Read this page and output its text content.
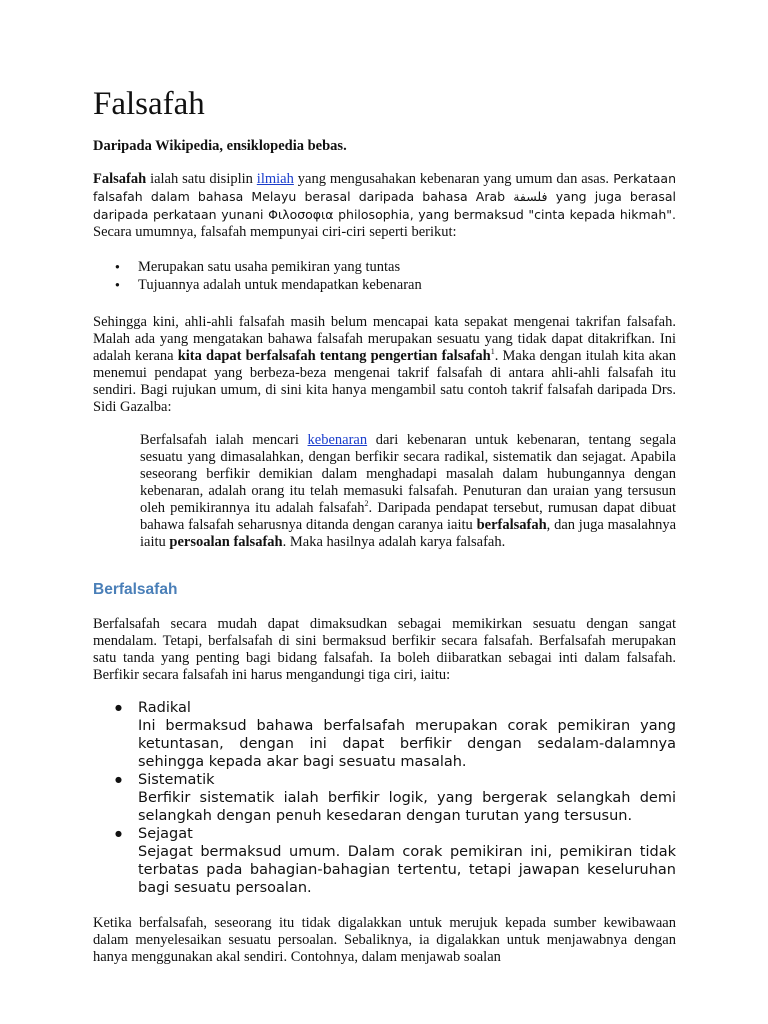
Falsafah
Daripada Wikipedia, ensiklopedia bebas.

Falsafah ialah satu disiplin ilmiah yang mengusahakan kebenaran yang umum dan asas. Perkataan falsafah dalam bahasa Melayu berasal daripada bahasa Arab فلسفة yang juga berasal daripada perkataan yunani Φιλοσοφια philosophia, yang bermaksud "cinta kepada hikmah". Secara umumnya, falsafah mempunyai ciri-ciri seperti berikut:

● Merupakan satu usaha pemikiran yang tuntas
● Tujuannya adalah untuk mendapatkan kebenaran

Sehingga kini, ahli-ahli falsafah masih belum mencapai kata sepakat mengenai takrifan falsafah. Malah ada yang mengatakan bahawa falsafah merupakan sesuatu yang tidak dapat ditakrifkan. Ini adalah kerana kita dapat berfalsafah tentang pengertian falsafah$^1$. Maka dengan itulah kita akan menemui pendapat yang berbeza-beza mengenai takrif falsafah di antara ahli-ahli falsafah itu sendiri. Bagi rujukan umum, di sini kita hanya mengambil satu contoh takrif falsafah daripada Drs. Sidi Gazalba:

Berfalsafah ialah mencari kebenaran dari kebenaran untuk kebenaran, tentang segala sesuatu yang dimasalahkan, dengan berfikir secara radikal, sistematik dan sejagat. Apabila seseorang berfikir demikian dalam menghadapi masalah dalam hubungannya dengan kebenaran, adalah orang itu telah memasuki falsafah. Penuturan dan uraian yang tersusun oleh pemikirannya itu adalah falsafah$^2$. Daripada pendapat tersebut, rumusan dapat dibuat bahawa falsafah seharusnya ditanda dengan caranya iaitu berfalsafah, dan juga masalahnya iaitu persoalan falsafah. Maka hasilnya adalah karya falsafah.

Berfalsafah

Berfalsafah secara mudah dapat dimaksudkan sebagai memikirkan sesuatu dengan sangat mendalam. Tetapi, berfalsafah di sini bermaksud berfikir secara falsafah. Berfalsafah merupakan satu tanda yang penting bagi bidang falsafah. Ia boleh diibaratkan sebagai inti dalam falsafah. Berfikir secara falsafah ini harus mengandungi tiga ciri, iaitu:

● Radikal
Ini bermaksud bahawa berfalsafah merupakan corak pemikiran yang ketuntasan, dengan ini dapat berfikir dengan sedalam-dalamnya sehingga kepada akar bagi sesuatu masalah.
● Sistematik
Berfikir sistematik ialah berfikir logik, yang bergerak selangkah demi selangkah dengan penuh kesedaran dengan turutan yang tersusun.
● Sejagat
Sejagat bermaksud umum. Dalam corak pemikiran ini, pemikiran tidak terbatas pada bahagian-bahagian tertentu, tetapi jawapan keseluruhan bagi sesuatu persoalan.

Ketika berfalsafah, seseorang itu tidak digalakkan untuk merujuk kepada sumber kewibawaan dalam menyelesaikan sesuatu persoalan. Sebaliknya, ia digalakkan untuk menjawabnya dengan hanya menggunakan akal sendiri. Contohnya, dalam menjawab soalan
